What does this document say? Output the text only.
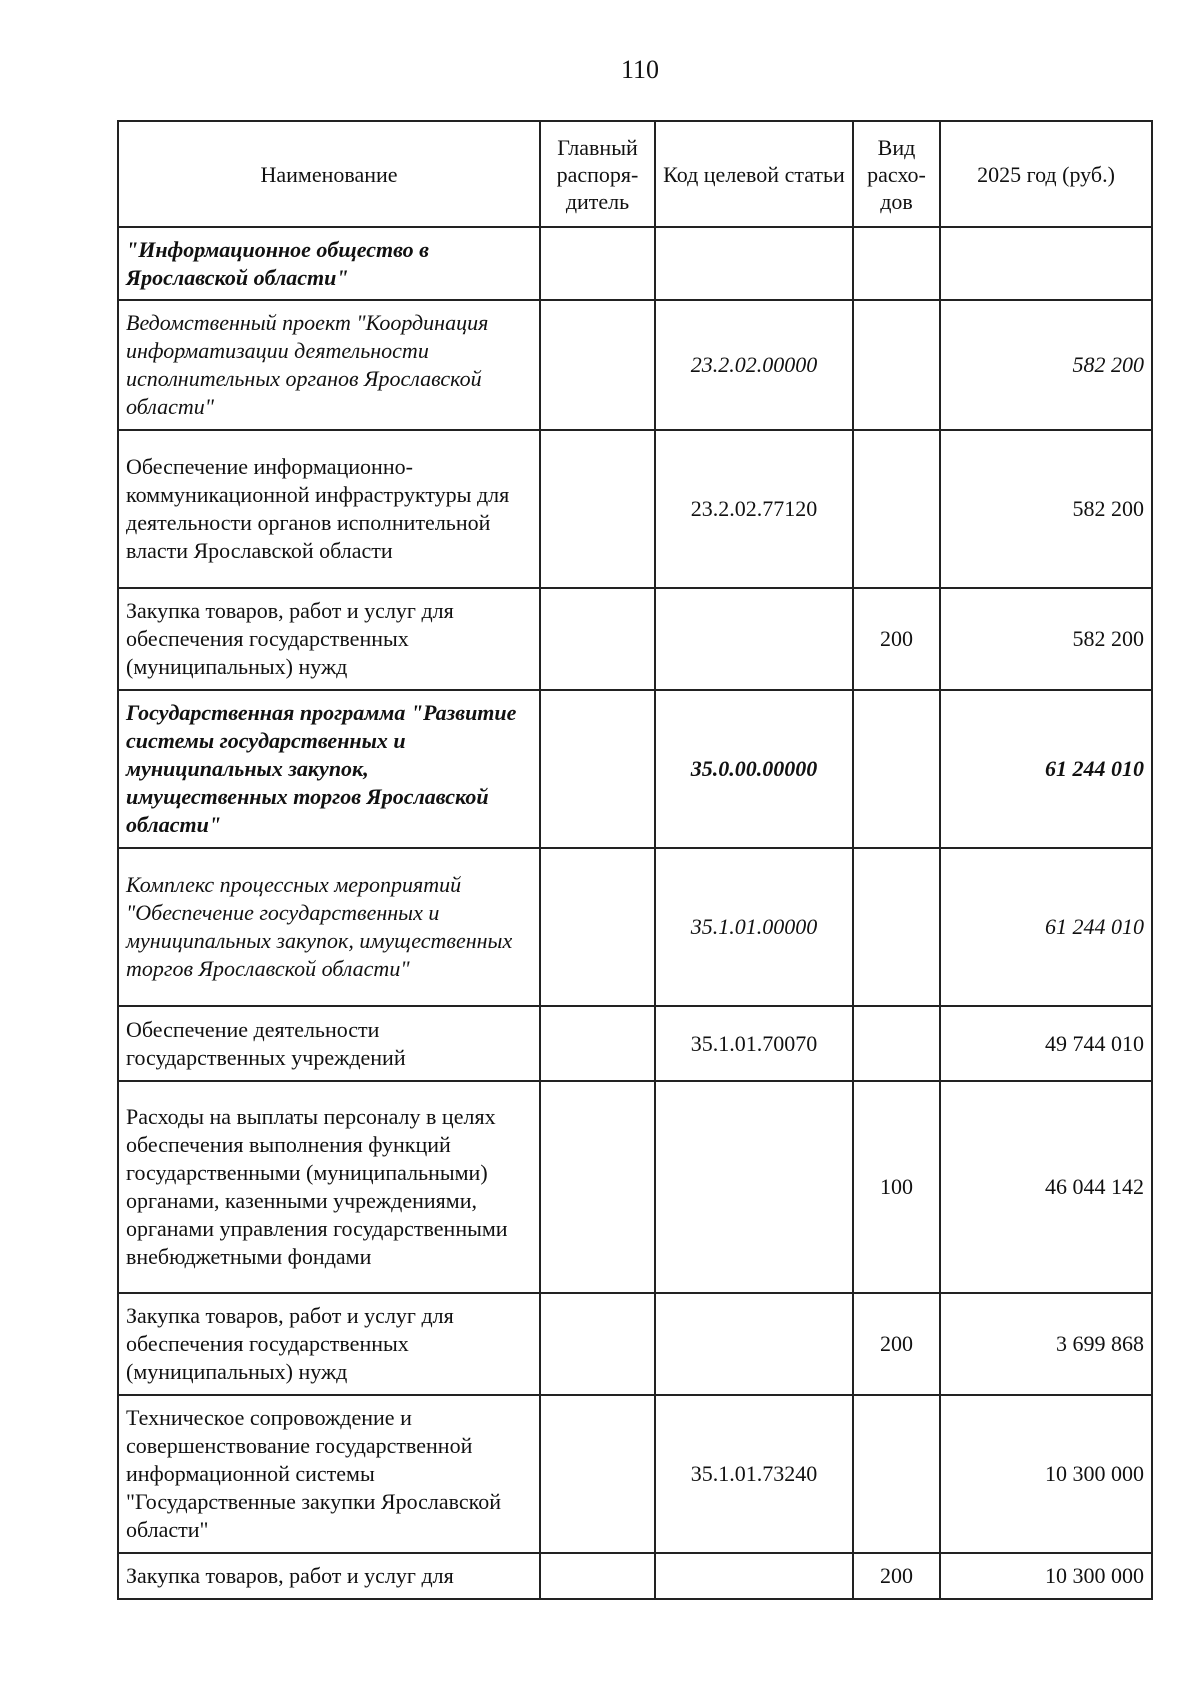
110
Наименование	Главный распоря-дитель	Код целевой статьи	Вид расхо-дов	2025 год (руб.)
"Информационное общество в Ярославской области"				
Ведомственный проект "Координация информатизации деятельности исполнительных органов Ярославской области"		23.2.02.00000		582 200
Обеспечение информационно-коммуникационной инфраструктуры для деятельности органов исполнительной власти Ярославской области		23.2.02.77120		582 200
Закупка товаров, работ и услуг для обеспечения государственных (муниципальных) нужд			200	582 200
Государственная программа "Развитие системы государственных и муниципальных закупок, имущественных торгов Ярославской области"		35.0.00.00000		61 244 010
Комплекс процессных мероприятий "Обеспечение государственных и муниципальных закупок, имущественных торгов Ярославской области"		35.1.01.00000		61 244 010
Обеспечение деятельности государственных учреждений		35.1.01.70070		49 744 010
Расходы на выплаты персоналу в целях обеспечения выполнения функций государственными (муниципальными) органами, казенными учреждениями, органами управления государственными внебюджетными фондами			100	46 044 142
Закупка товаров, работ и услуг для обеспечения государственных (муниципальных) нужд			200	3 699 868
Техническое сопровождение и совершенствование государственной информационной системы "Государственные закупки Ярославской области"		35.1.01.73240		10 300 000
Закупка товаров, работ и услуг для			200	10 300 000
